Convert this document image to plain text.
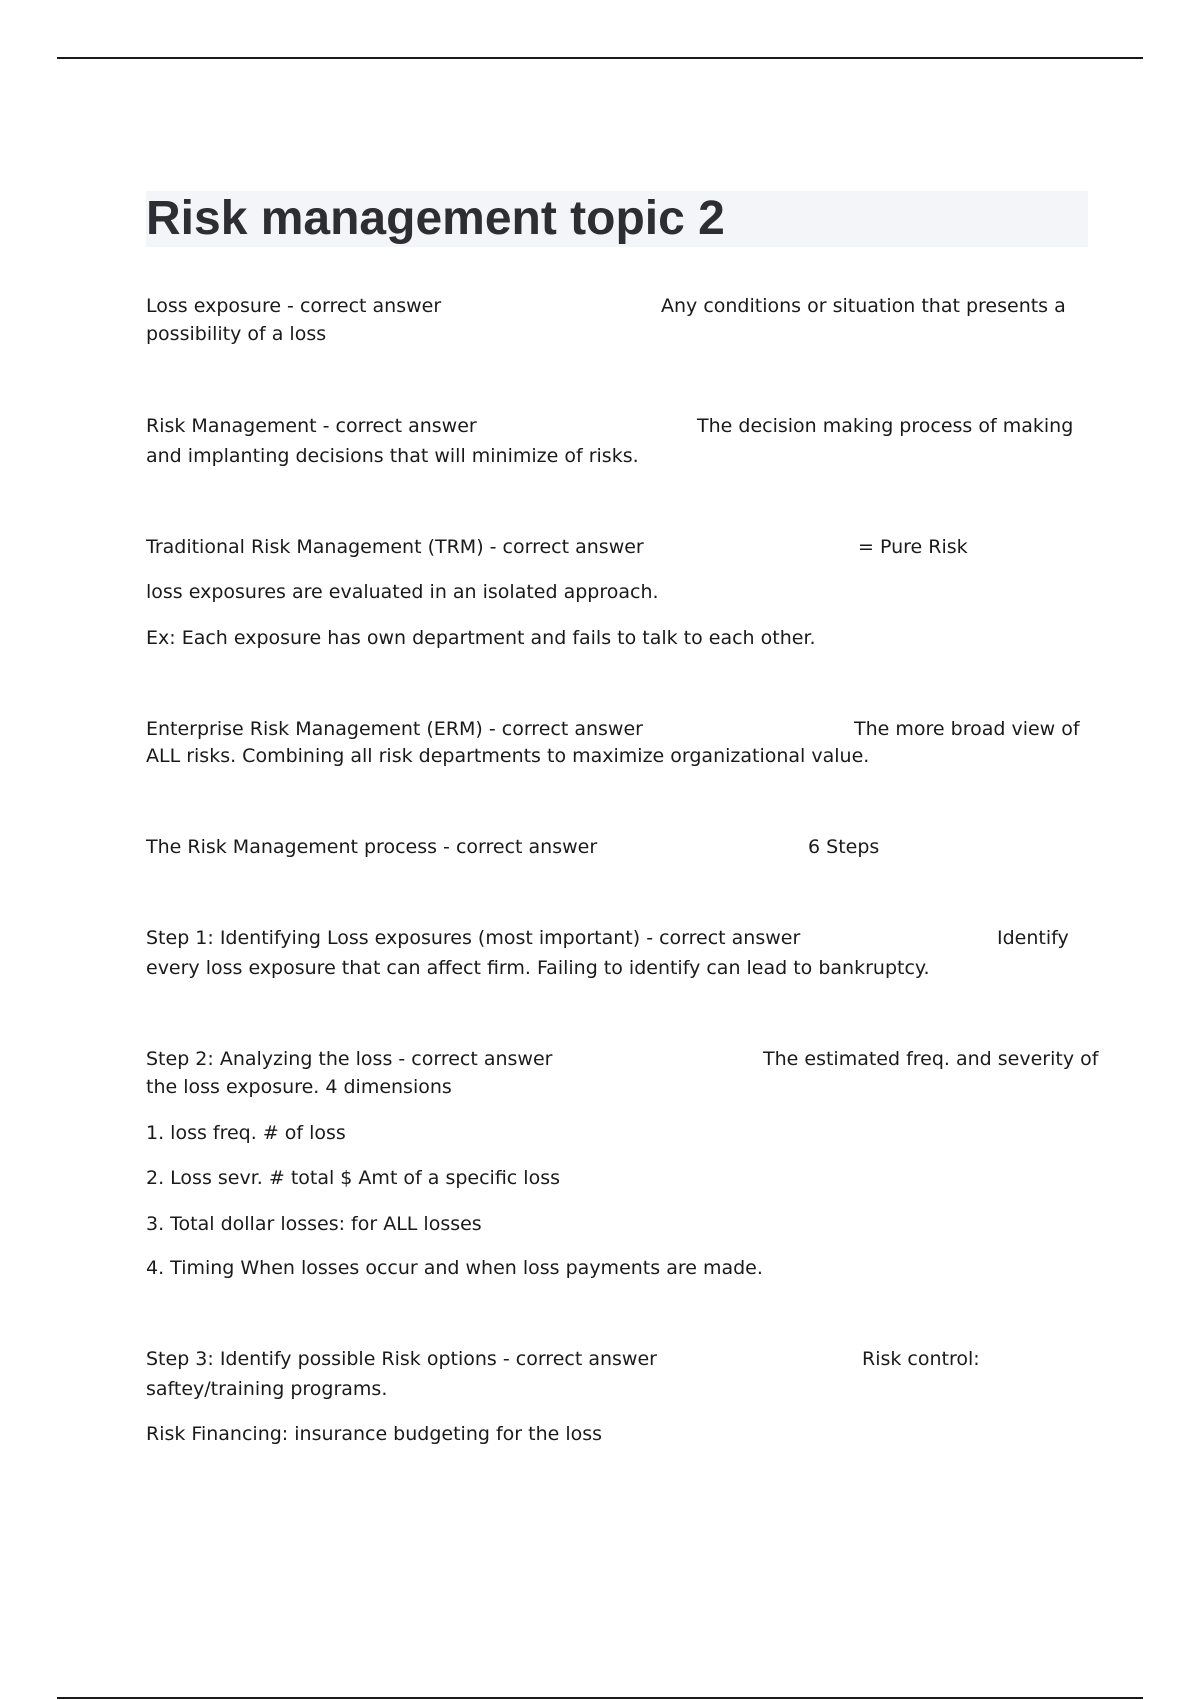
Risk management topic 2

Loss exposure - correct answer	Any conditions or situation that presents a

possibility of a loss

Risk Management - correct answer	The decision making process of making

and implanting decisions that will minimize of risks.

Traditional Risk Management (TRM) - correct answer	= Pure Risk

loss exposures are evaluated in an isolated approach.

Ex: Each exposure has own department and fails to talk to each other.

Enterprise Risk Management (ERM) - correct answer	The more broad view of

ALL risks. Combining all risk departments to maximize organizational value.

The Risk Management process - correct answer	6 Steps

Step 1: Identifying Loss exposures (most important) - correct answer	Identify

every loss exposure that can affect firm. Failing to identify can lead to bankruptcy.

Step 2: Analyzing the loss - correct answer	The estimated freq. and severity of

the loss exposure. 4 dimensions

1. loss freq. # of loss

2. Loss sevr. # total $ Amt of a specific loss

3. Total dollar losses: for ALL losses

4. Timing When losses occur and when loss payments are made.

Step 3: Identify possible Risk options - correct answer	Risk control:

saftey/training programs.

Risk Financing: insurance budgeting for the loss
